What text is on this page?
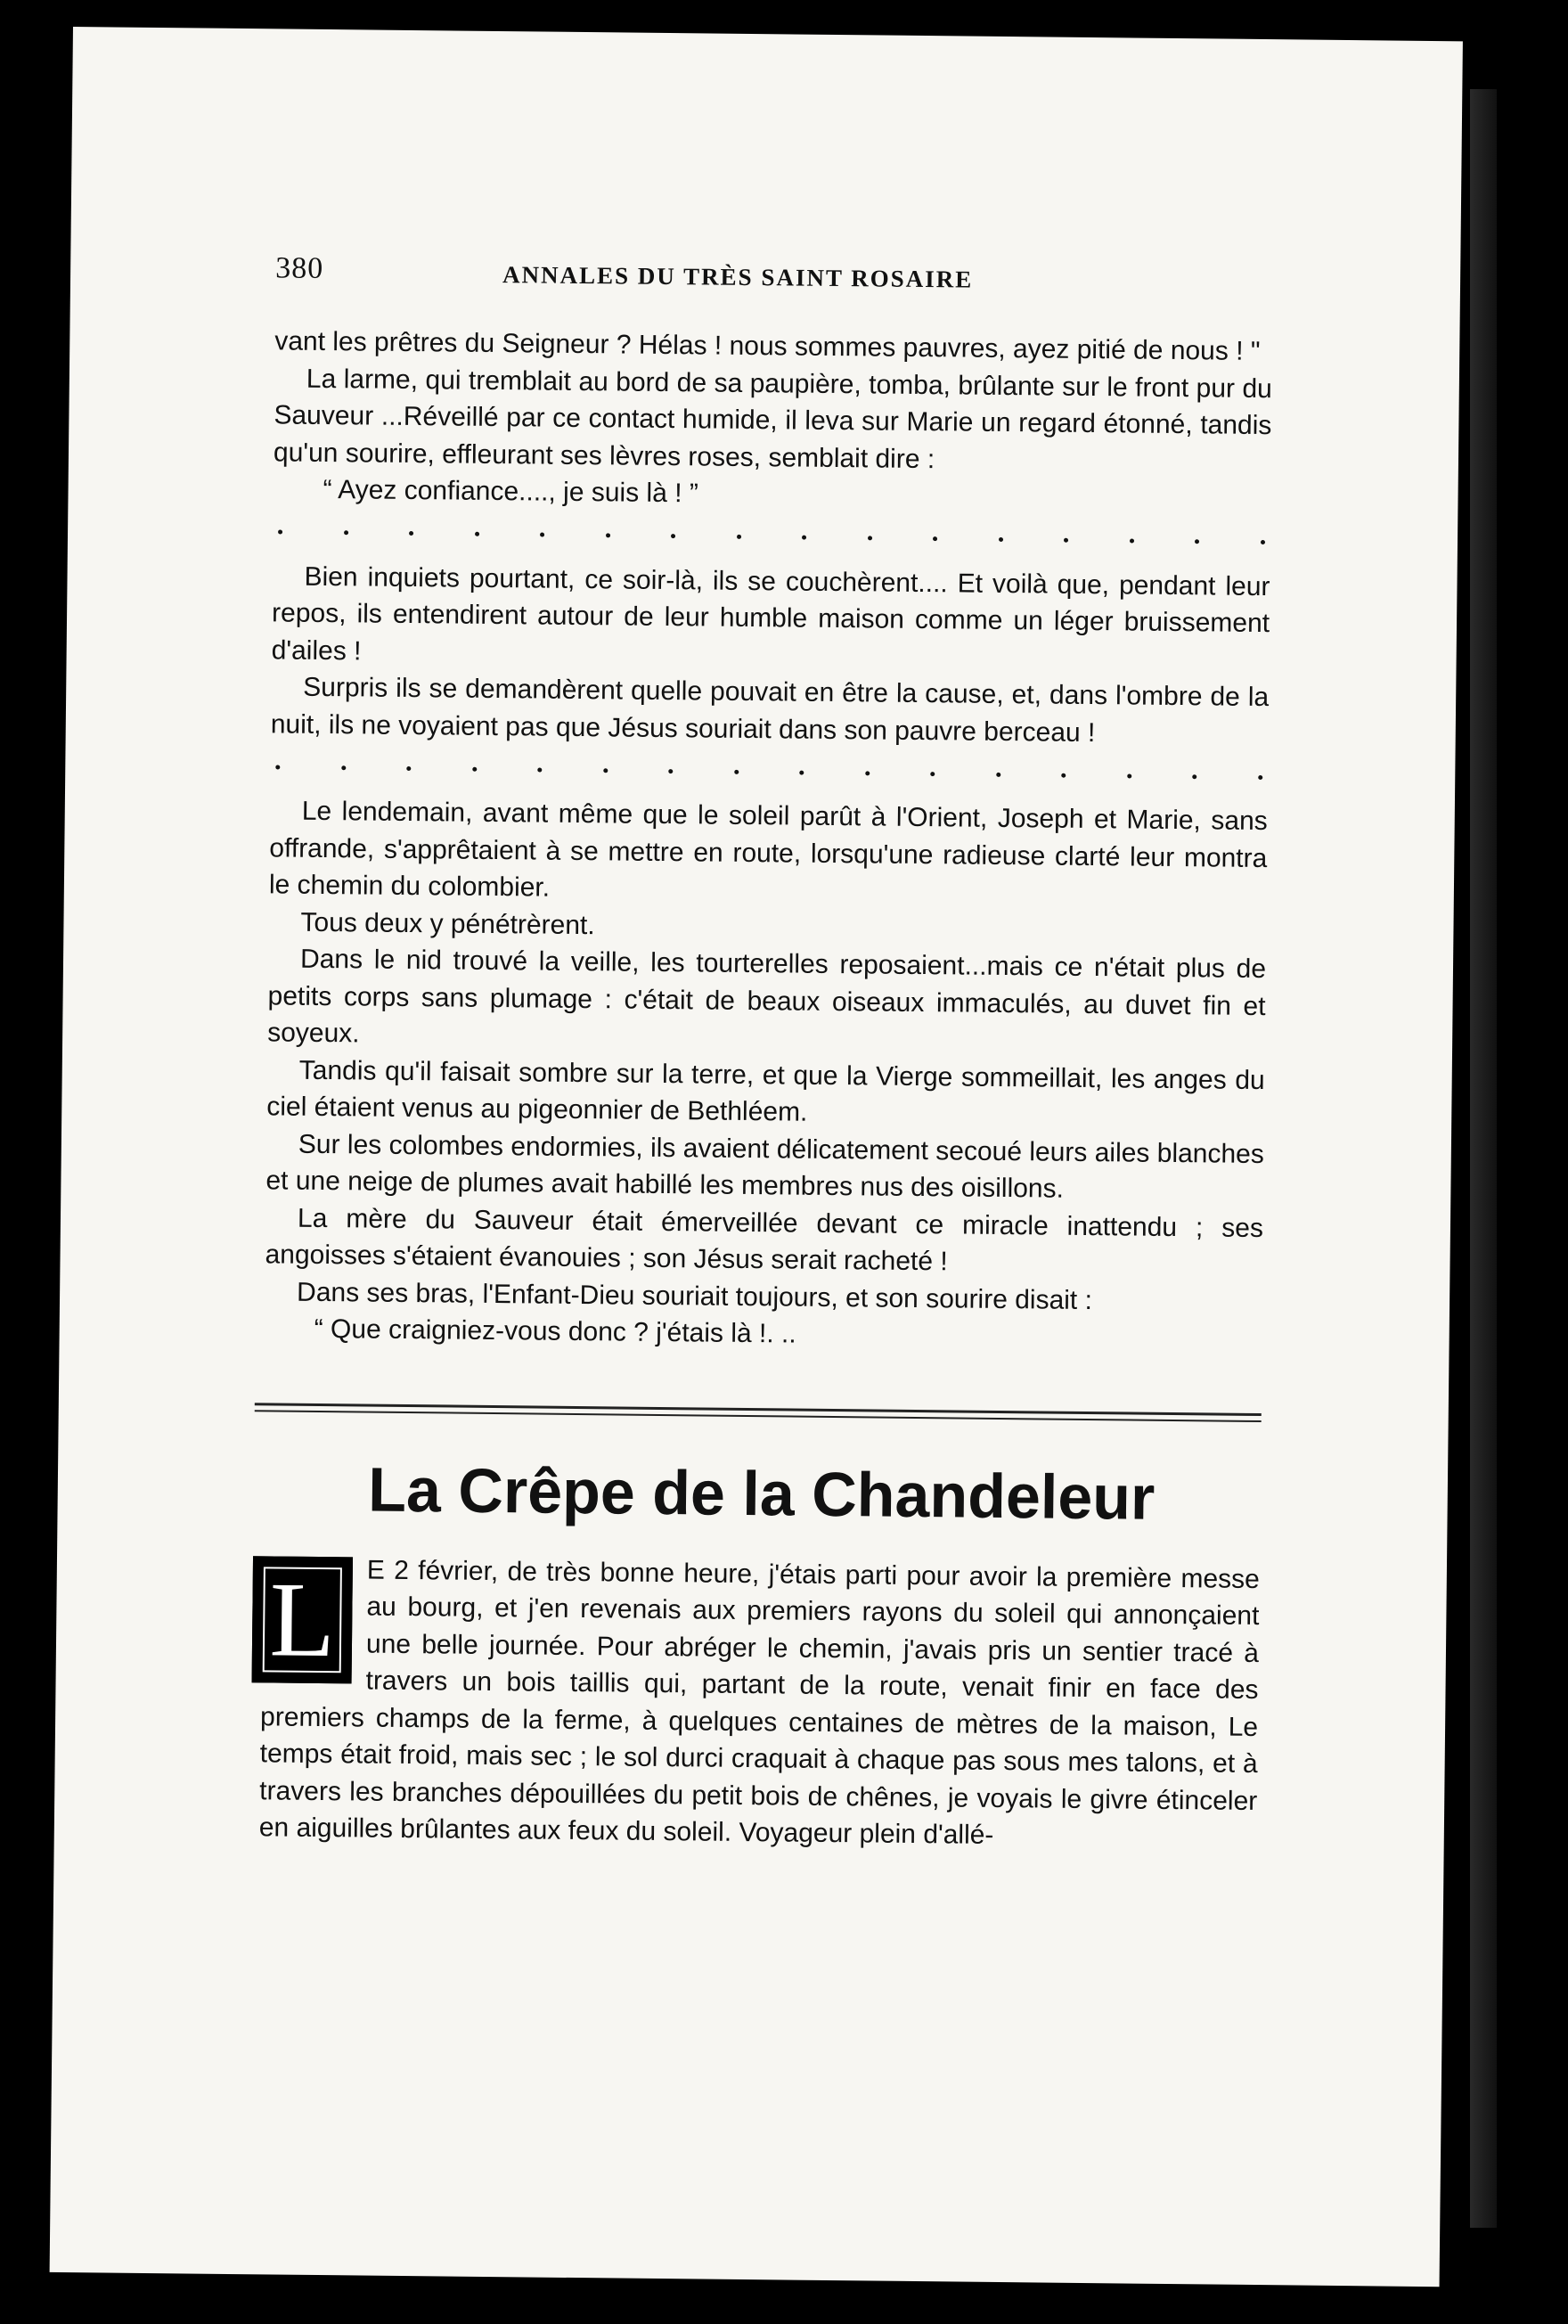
380	ANNALES DU TRÈS SAINT ROSAIRE

vant les prêtres du Seigneur ? Hélas ! nous sommes pauvres, ayez pitié de nous ! "

La larme, qui tremblait au bord de sa paupière, tomba, brûlante sur le front pur du Sauveur ...Réveillé par ce contact humide, il leva sur Marie un regard étonné, tandis qu'un sourire, effleurant ses lèvres roses, semblait dire :

“ Ayez confiance...., je suis là ! ”

Bien inquiets pourtant, ce soir-là, ils se couchèrent.... Et voilà que, pendant leur repos, ils entendirent autour de leur humble maison comme un léger bruissement d'ailes !

Surpris ils se demandèrent quelle pouvait en être la cause, et, dans l'ombre de la nuit, ils ne voyaient pas que Jésus souriait dans son pauvre berceau !

Le lendemain, avant même que le soleil parût à l'Orient, Joseph et Marie, sans offrande, s'apprêtaient à se mettre en route, lorsqu'une radieuse clarté leur montra le chemin du colombier.

Tous deux y pénétrèrent.

Dans le nid trouvé la veille, les tourterelles reposaient...mais ce n'était plus de petits corps sans plumage : c'était de beaux oiseaux immaculés, au duvet fin et soyeux.

Tandis qu'il faisait sombre sur la terre, et que la Vierge sommeillait, les anges du ciel étaient venus au pigeonnier de Bethléem.

Sur les colombes endormies, ils avaient délicatement secoué leurs ailes blanches et une neige de plumes avait habillé les membres nus des oisillons.

La mère du Sauveur était émerveillée devant ce miracle inattendu ; ses angoisses s'étaient évanouies ; son Jésus serait racheté !

Dans ses bras, l'Enfant-Dieu souriait toujours, et son sourire disait :

“ Que craigniez-vous donc ? j'étais là !. ..

La Crêpe de la Chandeleur
L	E 2 février, de très bonne heure, j'étais parti pour avoir la première messe au bourg, et j'en revenais aux premiers rayons du soleil qui annonçaient une belle journée. Pour abréger le chemin, j'avais pris un sentier tracé à travers un bois taillis qui, partant de la route, venait finir en face des premiers champs de la ferme, à quelques centaines de mètres de la maison, Le temps était froid, mais sec ; le sol durci craquait à chaque pas sous mes talons, et à travers les branches dépouillées du petit bois de chênes, je voyais le givre étinceler en aiguilles brûlantes aux feux du soleil. Voyageur plein d'allé-
